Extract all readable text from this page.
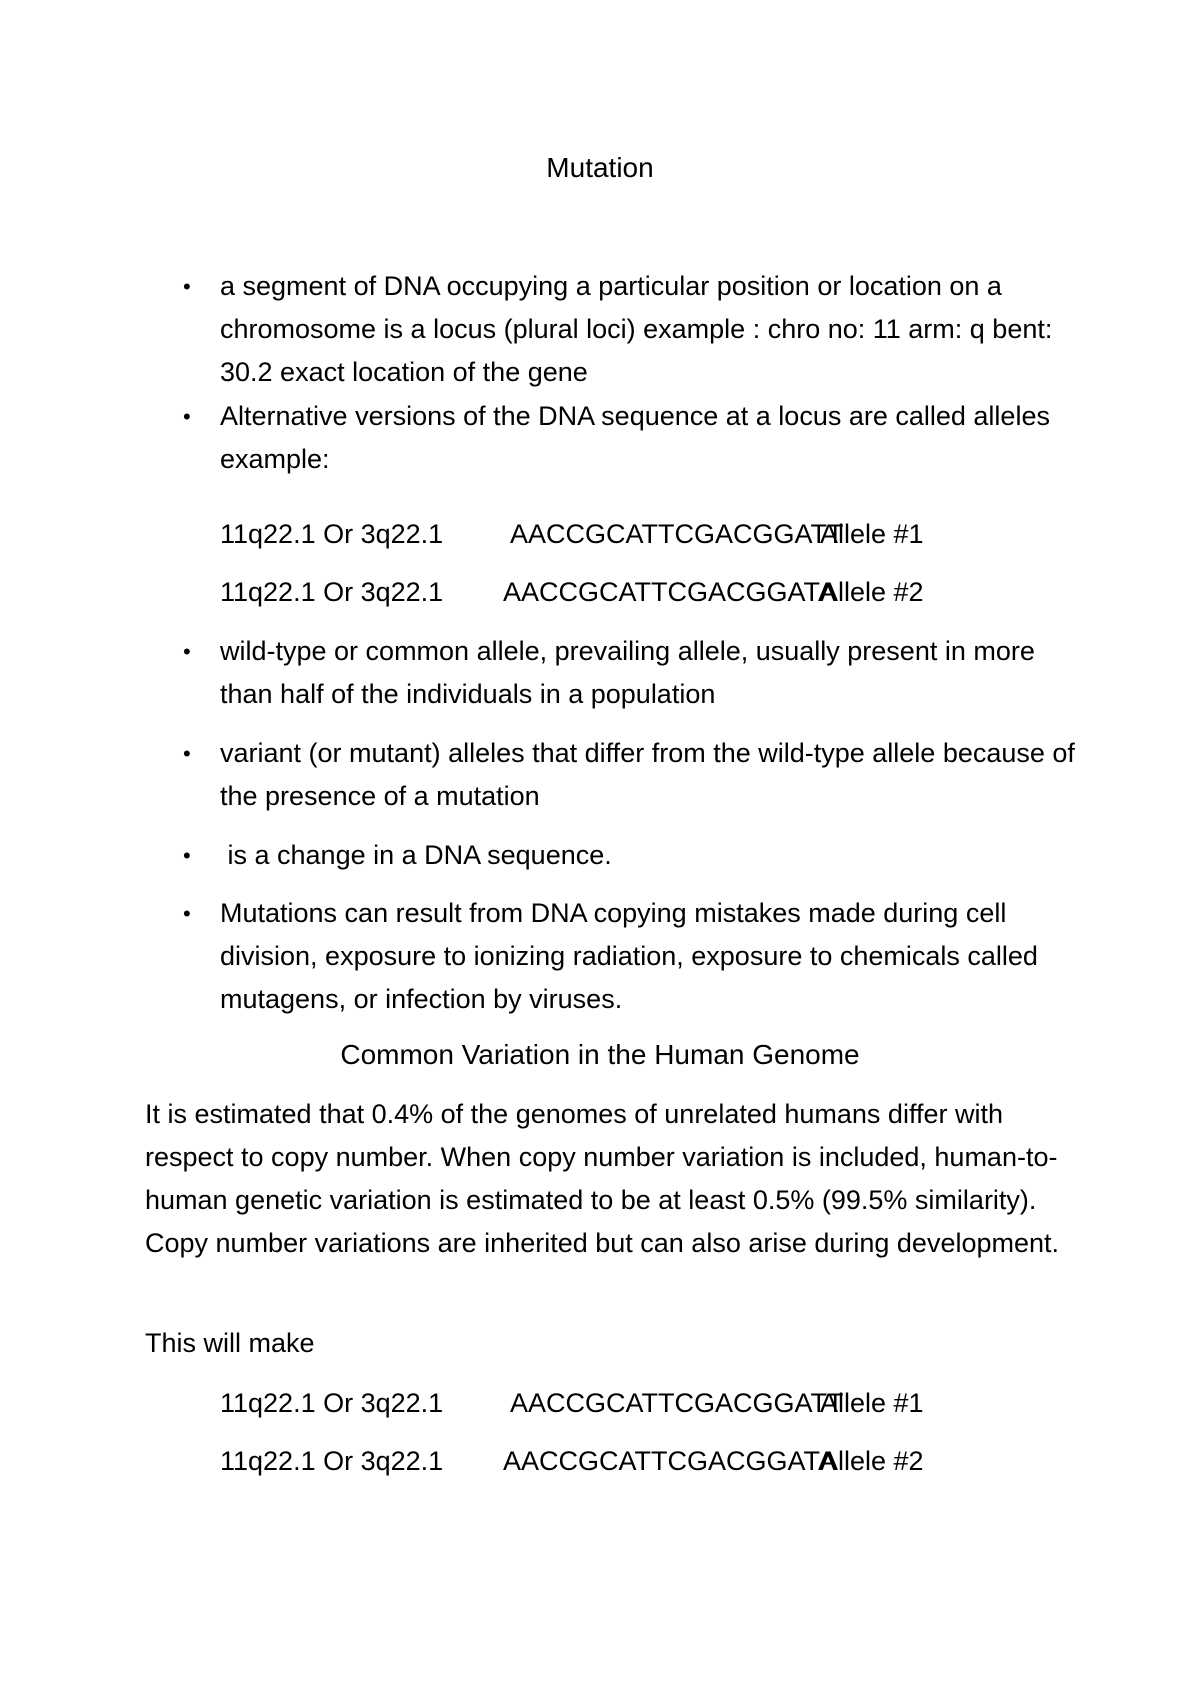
Mutation
• a segment of DNA occupying a particular position or location on a chromosome is a locus (plural loci) example : chro no: 11 arm: q bent: 30.2 exact location of the gene
• Alternative versions of the DNA sequence at a locus are called alleles example:
11q22.1 Or 3q22.1 AACCGCATTCGACGGATT
Allele #1
11q22.1 Or 3q22.1 AACCGCATTCGACGGATA
Allele #2
• wild-type or common allele, prevailing allele, usually present in more than half of the individuals in a population
• variant (or mutant) alleles that differ from the wild-type allele because of the presence of a mutation
• is a change in a DNA sequence.
• Mutations can result from DNA copying mistakes made during cell division, exposure to ionizing radiation, exposure to chemicals called mutagens, or infection by viruses.
Common Variation in the Human Genome
It is estimated that 0.4% of the genomes of unrelated humans differ with respect to copy number. When copy number variation is included, human-to-human genetic variation is estimated to be at least 0.5% (99.5% similarity). Copy number variations are inherited but can also arise during development.
This will make
11q22.1 Or 3q22.1 AACCGCATTCGACGGATT
Allele #1
11q22.1 Or 3q22.1 AACCGCATTCGACGGATA
Allele #2
